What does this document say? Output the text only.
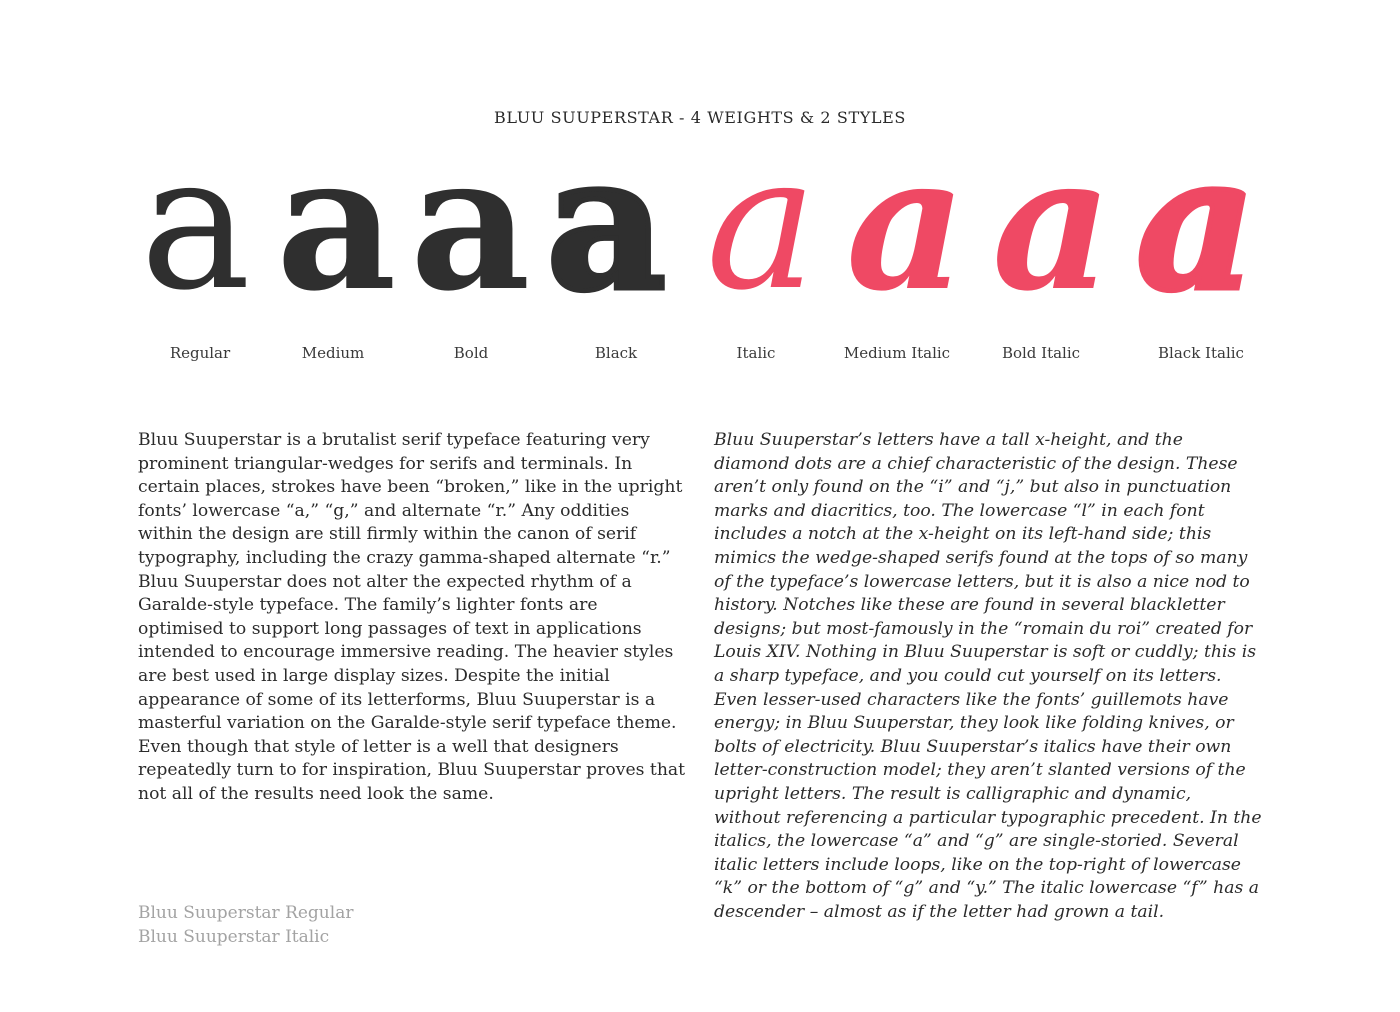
BLUU SUUPERSTAR - 4 WEIGHTS & 2 STYLES
a a a a a a a a
Regular	Medium	Bold	Black	Italic	Medium Italic	Bold Italic	Black Italic

Bluu Suuperstar is a brutalist serif typeface featuring very prominent triangular-wedges for serifs and terminals. In certain places, strokes have been “broken,” like in the upright fonts’ lowercase “a,” “g,” and alternate “r.” Any oddities within the design are still firmly within the canon of serif typography, including the crazy gamma-shaped alternate “r.” Bluu Suuperstar does not alter the expected rhythm of a Garalde-style typeface. The family’s lighter fonts are optimised to support long passages of text in applications intended to encourage immersive reading. The heavier styles are best used in large display sizes. Despite the initial appearance of some of its letterforms, Bluu Suuperstar is a masterful variation on the Garalde-style serif typeface theme. Even though that style of letter is a well that designers repeatedly turn to for inspiration, Bluu Suuperstar proves that not all of the results need look the same.

Bluu Suuperstar’s letters have a tall x-height, and the diamond dots are a chief characteristic of the design. These aren’t only found on the “i” and “j,” but also in punctuation marks and diacritics, too. The lowercase “l” in each font includes a notch at the x-height on its left-hand side; this mimics the wedge-shaped serifs found at the tops of so many of the typeface’s lowercase letters, but it is also a nice nod to history. Notches like these are found in several blackletter designs; but most-famously in the “romain du roi” created for Louis XIV. Nothing in Bluu Suuperstar is soft or cuddly; this is a sharp typeface, and you could cut yourself on its letters. Even lesser-used characters like the fonts’ guillemots have energy; in Bluu Suuperstar, they look like folding knives, or bolts of electricity. Bluu Suuperstar’s italics have their own letter-construction model; they aren’t slanted versions of the upright letters. The result is calligraphic and dynamic, without referencing a particular typographic precedent. In the italics, the lowercase “a” and “g” are single-storied. Several italic letters include loops, like on the top-right of lowercase “k” or the bottom of “g” and “y.” The italic lowercase “f” has a descender – almost as if the letter had grown a tail.

Bluu Suuperstar Regular
Bluu Suuperstar Italic
